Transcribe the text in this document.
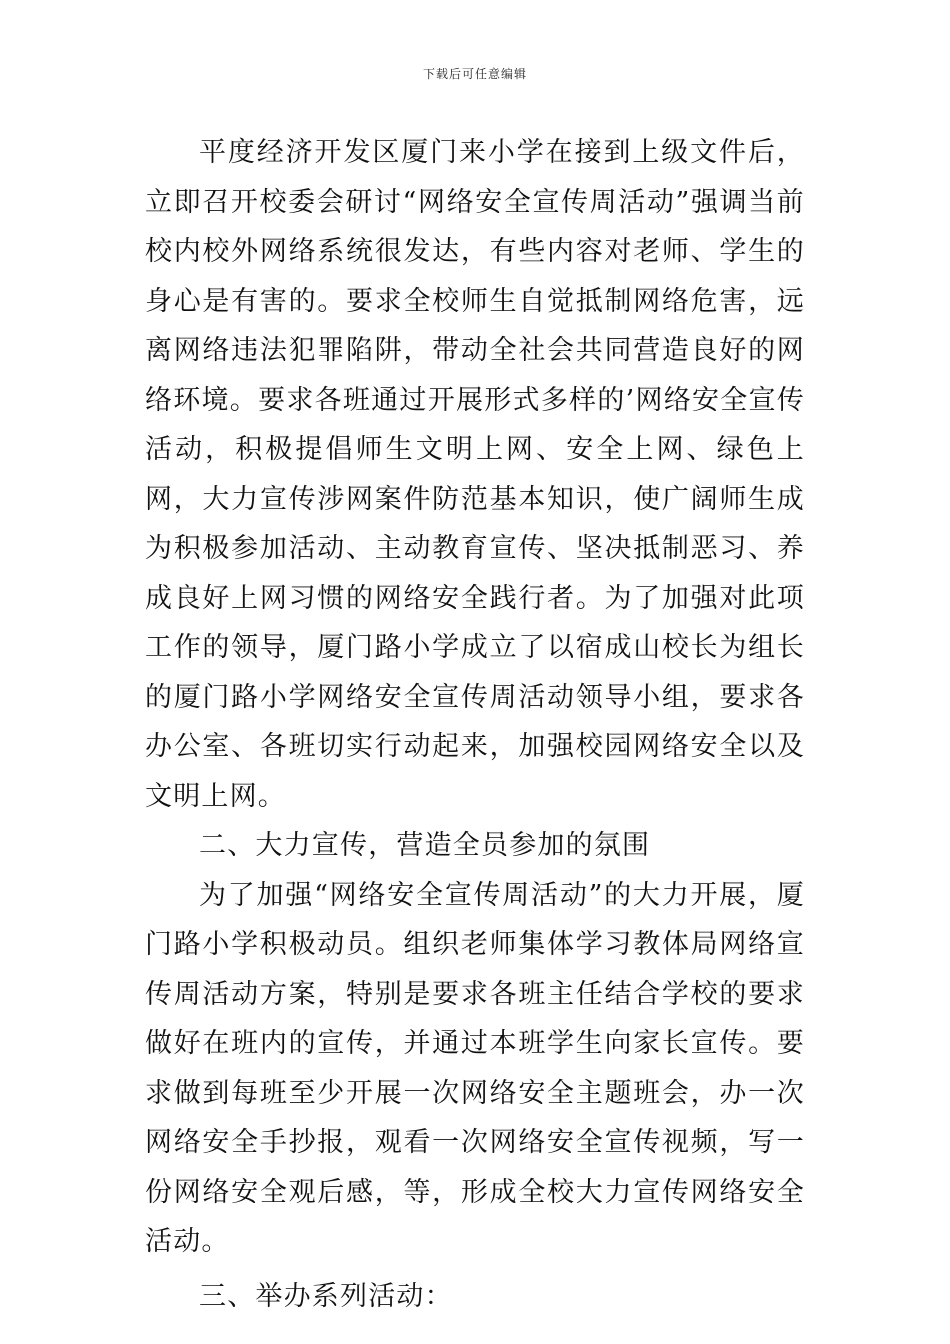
下载后可任意编辑

平度经济开发区厦门来小学在接到上级文件后，立即召开校委会研讨“网络安全宣传周活动”强调当前校内校外网络系统很发达，有些内容对老师、学生的身心是有害的。要求全校师生自觉抵制网络危害，远离网络违法犯罪陷阱，带动全社会共同营造良好的网络环境。要求各班通过开展形式多样的’网络安全宣传活动，积极提倡师生文明上网、安全上网、绿色上网，大力宣传涉网案件防范基本知识，使广阔师生成为积极参加活动、主动教育宣传、坚决抵制恶习、养成良好上网习惯的网络安全践行者。为了加强对此项工作的领导，厦门路小学成立了以宿成山校长为组长的厦门路小学网络安全宣传周活动领导小组，要求各办公室、各班切实行动起来，加强校园网络安全以及文明上网。

二、大力宣传，营造全员参加的氛围

为了加强“网络安全宣传周活动”的大力开展，厦门路小学积极动员。组织老师集体学习教体局网络宣传周活动方案，特别是要求各班主任结合学校的要求做好在班内的宣传，并通过本班学生向家长宣传。要求做到每班至少开展一次网络安全主题班会，办一次网络安全手抄报，观看一次网络安全宣传视频，写一份网络安全观后感，等，形成全校大力宣传网络安全活动。

三、举办系列活动：
